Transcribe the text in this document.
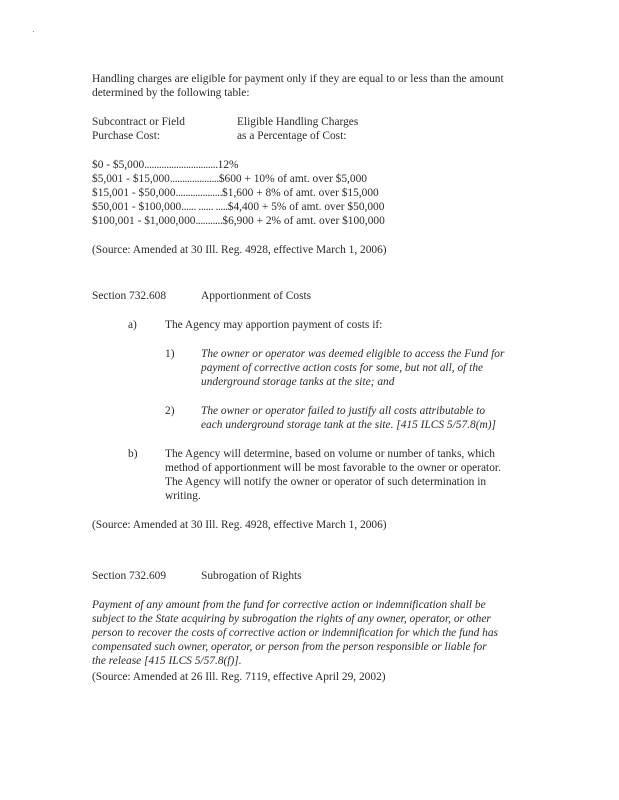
Handling charges are eligible for payment only if they are equal to or less than the amount
determined by the following table:
Subcontract or Field
Purchase Cost:
Eligible Handling Charges
as a Percentage of Cost:
$0 - $5,000..............................12%
$5,001 - $15,000....................$600 + 10% of amt. over $5,000
$15,001 - $50,000...................$1,600 + 8% of amt. over $15,000
$50,001 - $100,000...... ...... .....$4,400 + 5% of amt. over $50,000
$100,001 - $1,000,000...........$6,900 + 2% of amt. over $100,000
(Source: Amended at 30 Ill. Reg. 4928, effective March 1, 2006)
Section 732.608	Apportionment of Costs
a) The Agency may apportion payment of costs if:
1) The owner or operator was deemed eligible to access the Fund for
payment of corrective action costs for some, but not all, of the
underground storage tanks at the site; and
2) The owner or operator failed to justify all costs attributable to
each underground storage tank at the site. [415 ILCS 5/57.8(m)]
b) The Agency will determine, based on volume or number of tanks, which
method of apportionment will be most favorable to the owner or operator.
The Agency will notify the owner or operator of such determination in
writing.
(Source: Amended at 30 Ill. Reg. 4928, effective March 1, 2006)
Section 732.609	Subrogation of Rights
Payment of any amount from the fund for corrective action or indemnification shall be
subject to the State acquiring by subrogation the rights of any owner, operator, or other
person to recover the costs of corrective action or indemnification for which the fund has
compensated such owner, operator, or person from the person responsible or liable for
the release [415 ILCS 5/57.8(f)].
(Source: Amended at 26 Ill. Reg. 7119, effective April 29, 2002)
